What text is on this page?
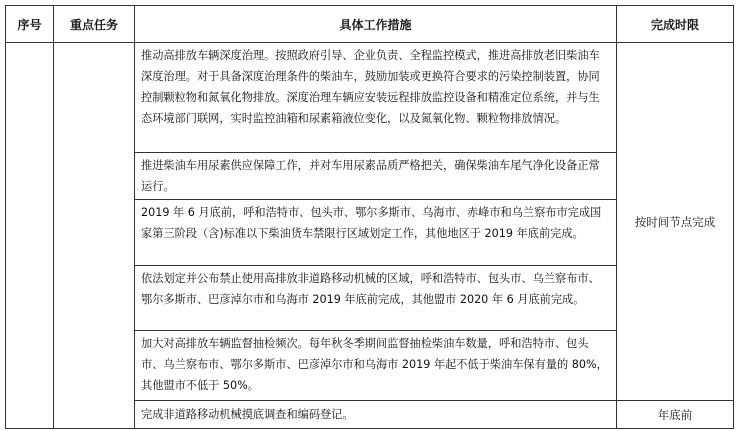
序号	重点任务	具体工作措施	完成时限
		推动高排放车辆深度治理。按照政府引导、企业负责、全程监控模式，推进高排放老旧柴油车深度治理。对于具备深度治理条件的柴油车，鼓励加装或更换符合要求的污染控制装置，协同控制颗粒物和氮氧化物排放。深度治理车辆应安装远程排放监控设备和精准定位系统，并与生态环境部门联网，实时监控油箱和尿素箱液位变化，以及氮氧化物、颗粒物排放情况。	按时间节点完成
		推进柴油车用尿素供应保障工作，并对车用尿素品质严格把关，确保柴油车尾气净化设备正常运行。	
		2019 年 6 月底前，呼和浩特市、包头市、鄂尔多斯市、乌海市、赤峰市和乌兰察布市完成国家第三阶段（含)标准以下柴油货车禁限行区域划定工作，其他地区于 2019 年底前完成。	
		依法划定并公布禁止使用高排放非道路移动机械的区域，呼和浩特市、包头市、乌兰察布市、鄂尔多斯市、巴彦淖尔市和乌海市 2019 年底前完成，其他盟市 2020 年 6 月底前完成。	
		加大对高排放车辆监督抽检频次。每年秋冬季期间监督抽检柴油车数量，呼和浩特市、包头市、乌兰察布市、鄂尔多斯市、巴彦淖尔市和乌海市 2019 年起不低于柴油车保有量的 80%，其他盟市不低于 50%。	
		完成非道路移动机械摸底调查和编码登记。	年底前
